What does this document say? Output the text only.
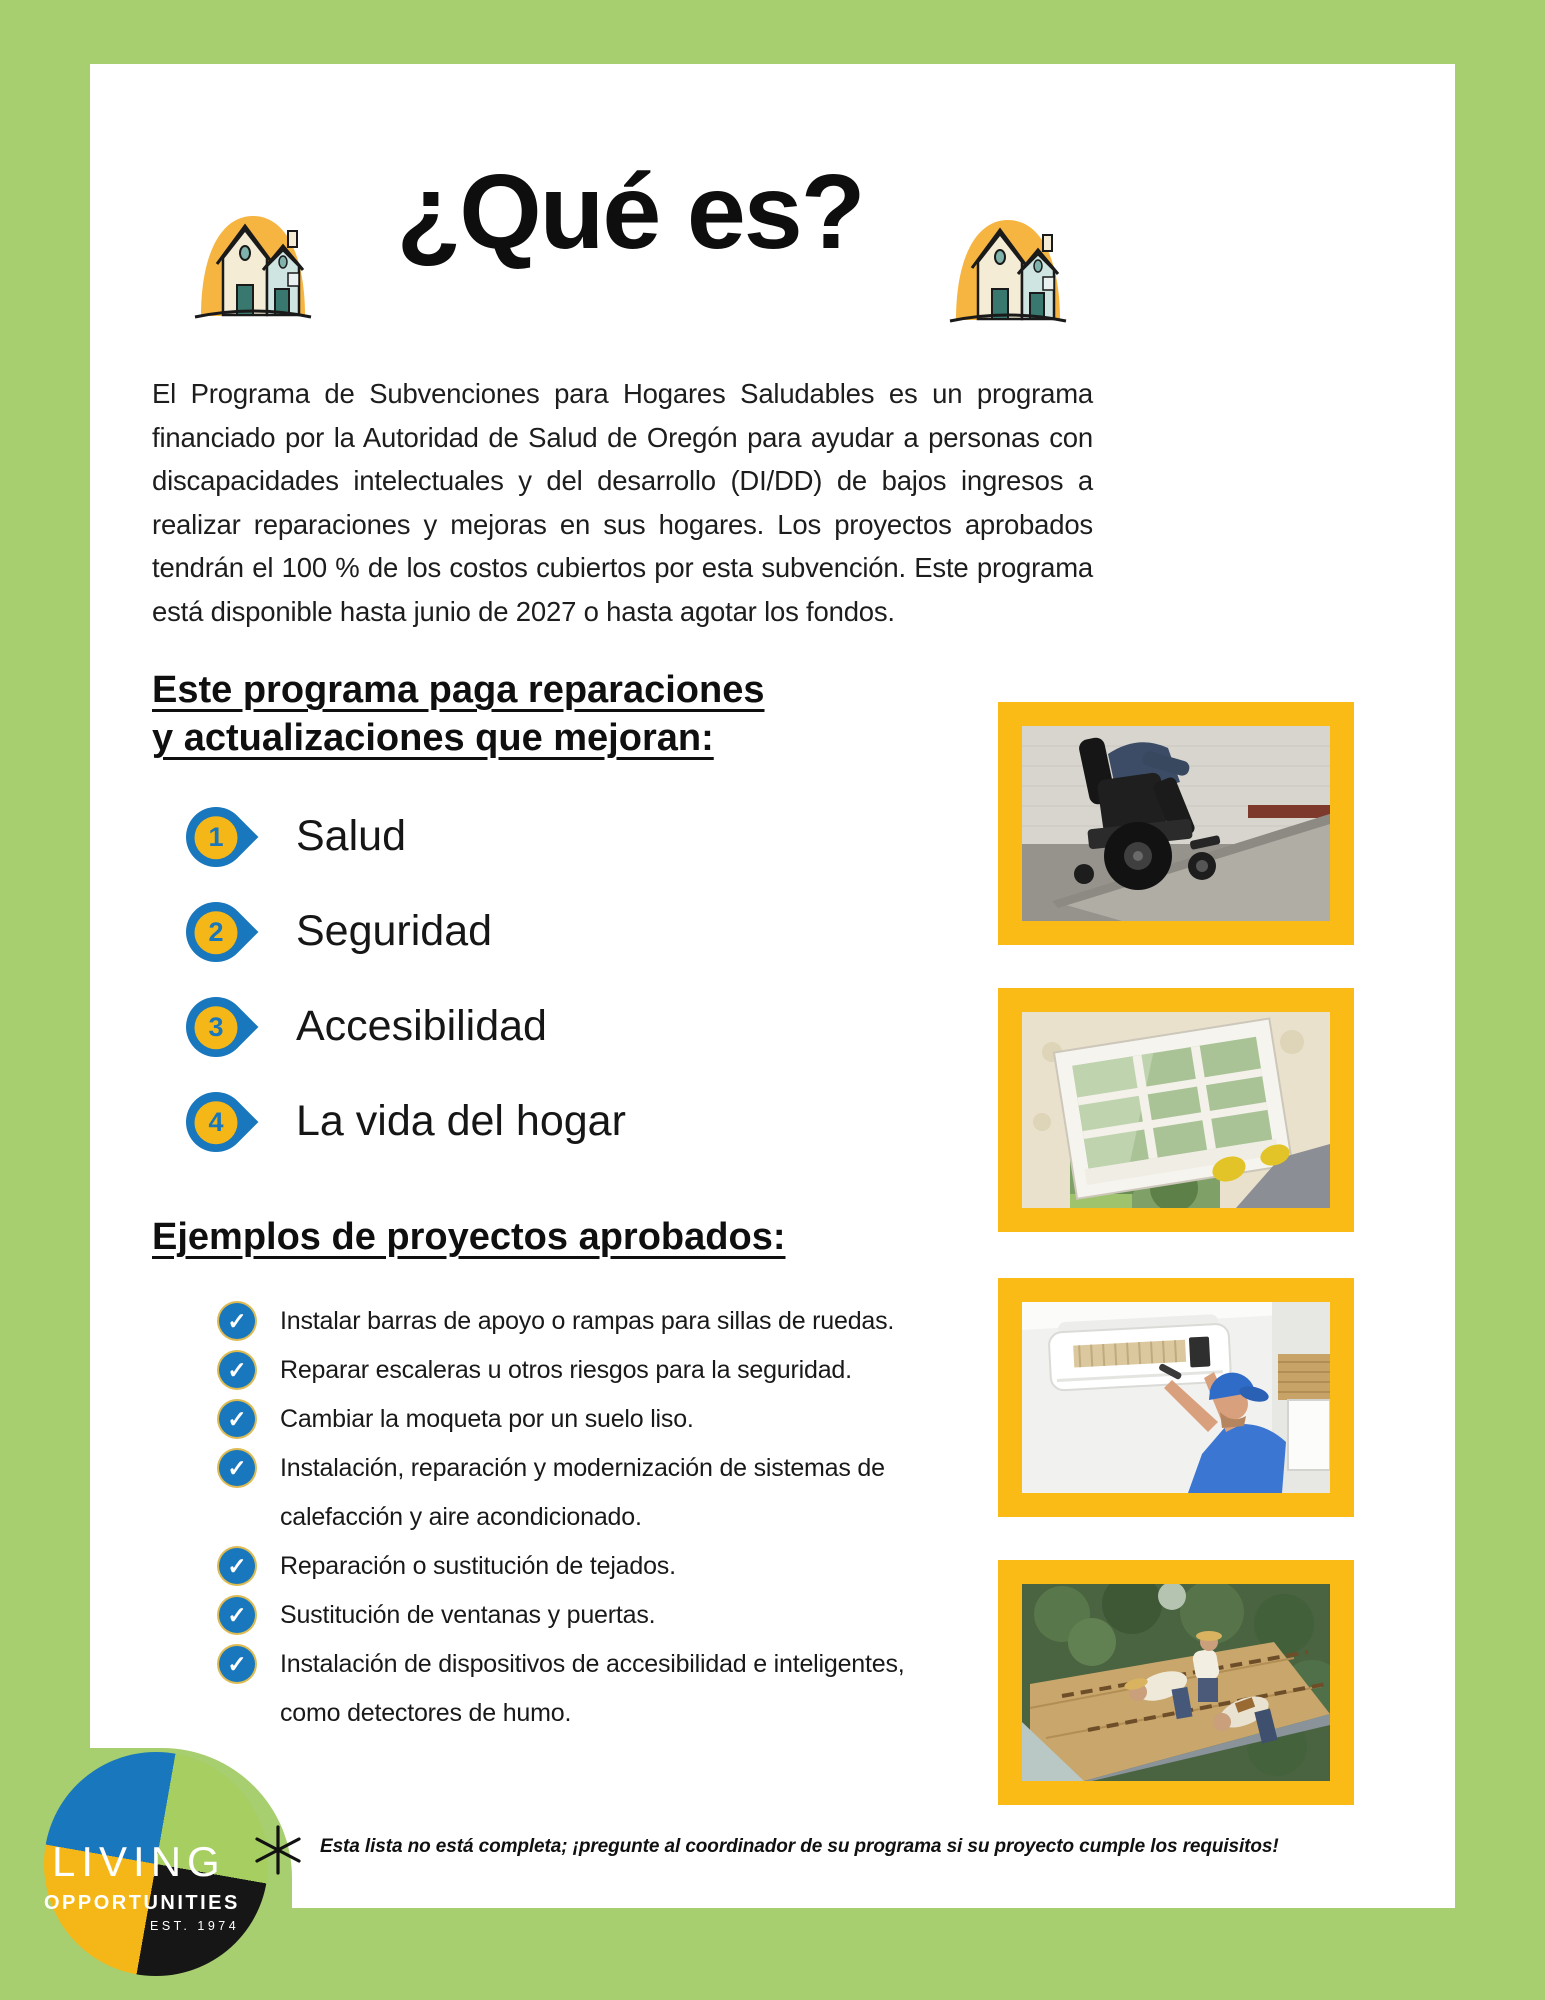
¿Qué es?
El Programa de Subvenciones para Hogares Saludables es un programa financiado por la Autoridad de Salud de Oregón para ayudar a personas con discapacidades intelectuales y del desarrollo (DI/DD) de bajos ingresos a realizar reparaciones y mejoras en sus hogares. Los proyectos aprobados tendrán el 100 % de los costos cubiertos por esta subvención. Este programa está disponible hasta junio de 2027 o hasta agotar los fondos.
Este programa paga reparaciones
y actualizaciones que mejoran:
1	Salud
2	Seguridad
3	Accesibilidad
4	La vida del hogar
Ejemplos de proyectos aprobados:
✓	Instalar barras de apoyo o rampas para sillas de ruedas.
✓	Reparar escaleras u otros riesgos para la seguridad.
✓	Cambiar la moqueta por un suelo liso.
✓	Instalación, reparación y modernización de sistemas de calefacción y aire acondicionado.
✓	Reparación o sustitución de tejados.
✓	Sustitución de ventanas y puertas.
✓	Instalación de dispositivos de accesibilidad e inteligentes, como detectores de humo.
LIVING
OPPORTUNITIES
EST. 1974
Esta lista no está completa; ¡pregunte al coordinador de su programa si su proyecto cumple los requisitos!
